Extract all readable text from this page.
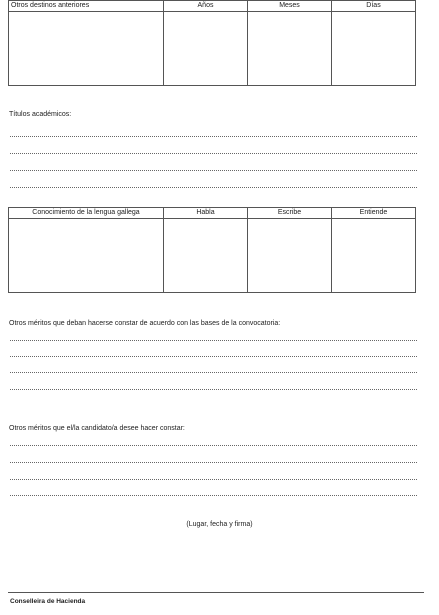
Otros destinos anteriores	Años	Meses	Días

Títulos académicos:

Conocimiento de la lengua gallega	Habla	Escribe	Entiende

Otros méritos que deban hacerse constar de acuerdo con las bases de la convocatoria:

Otros méritos que el/la candidato/a desee hacer constar:

(Lugar, fecha y firma)
Conselleira de Hacienda
